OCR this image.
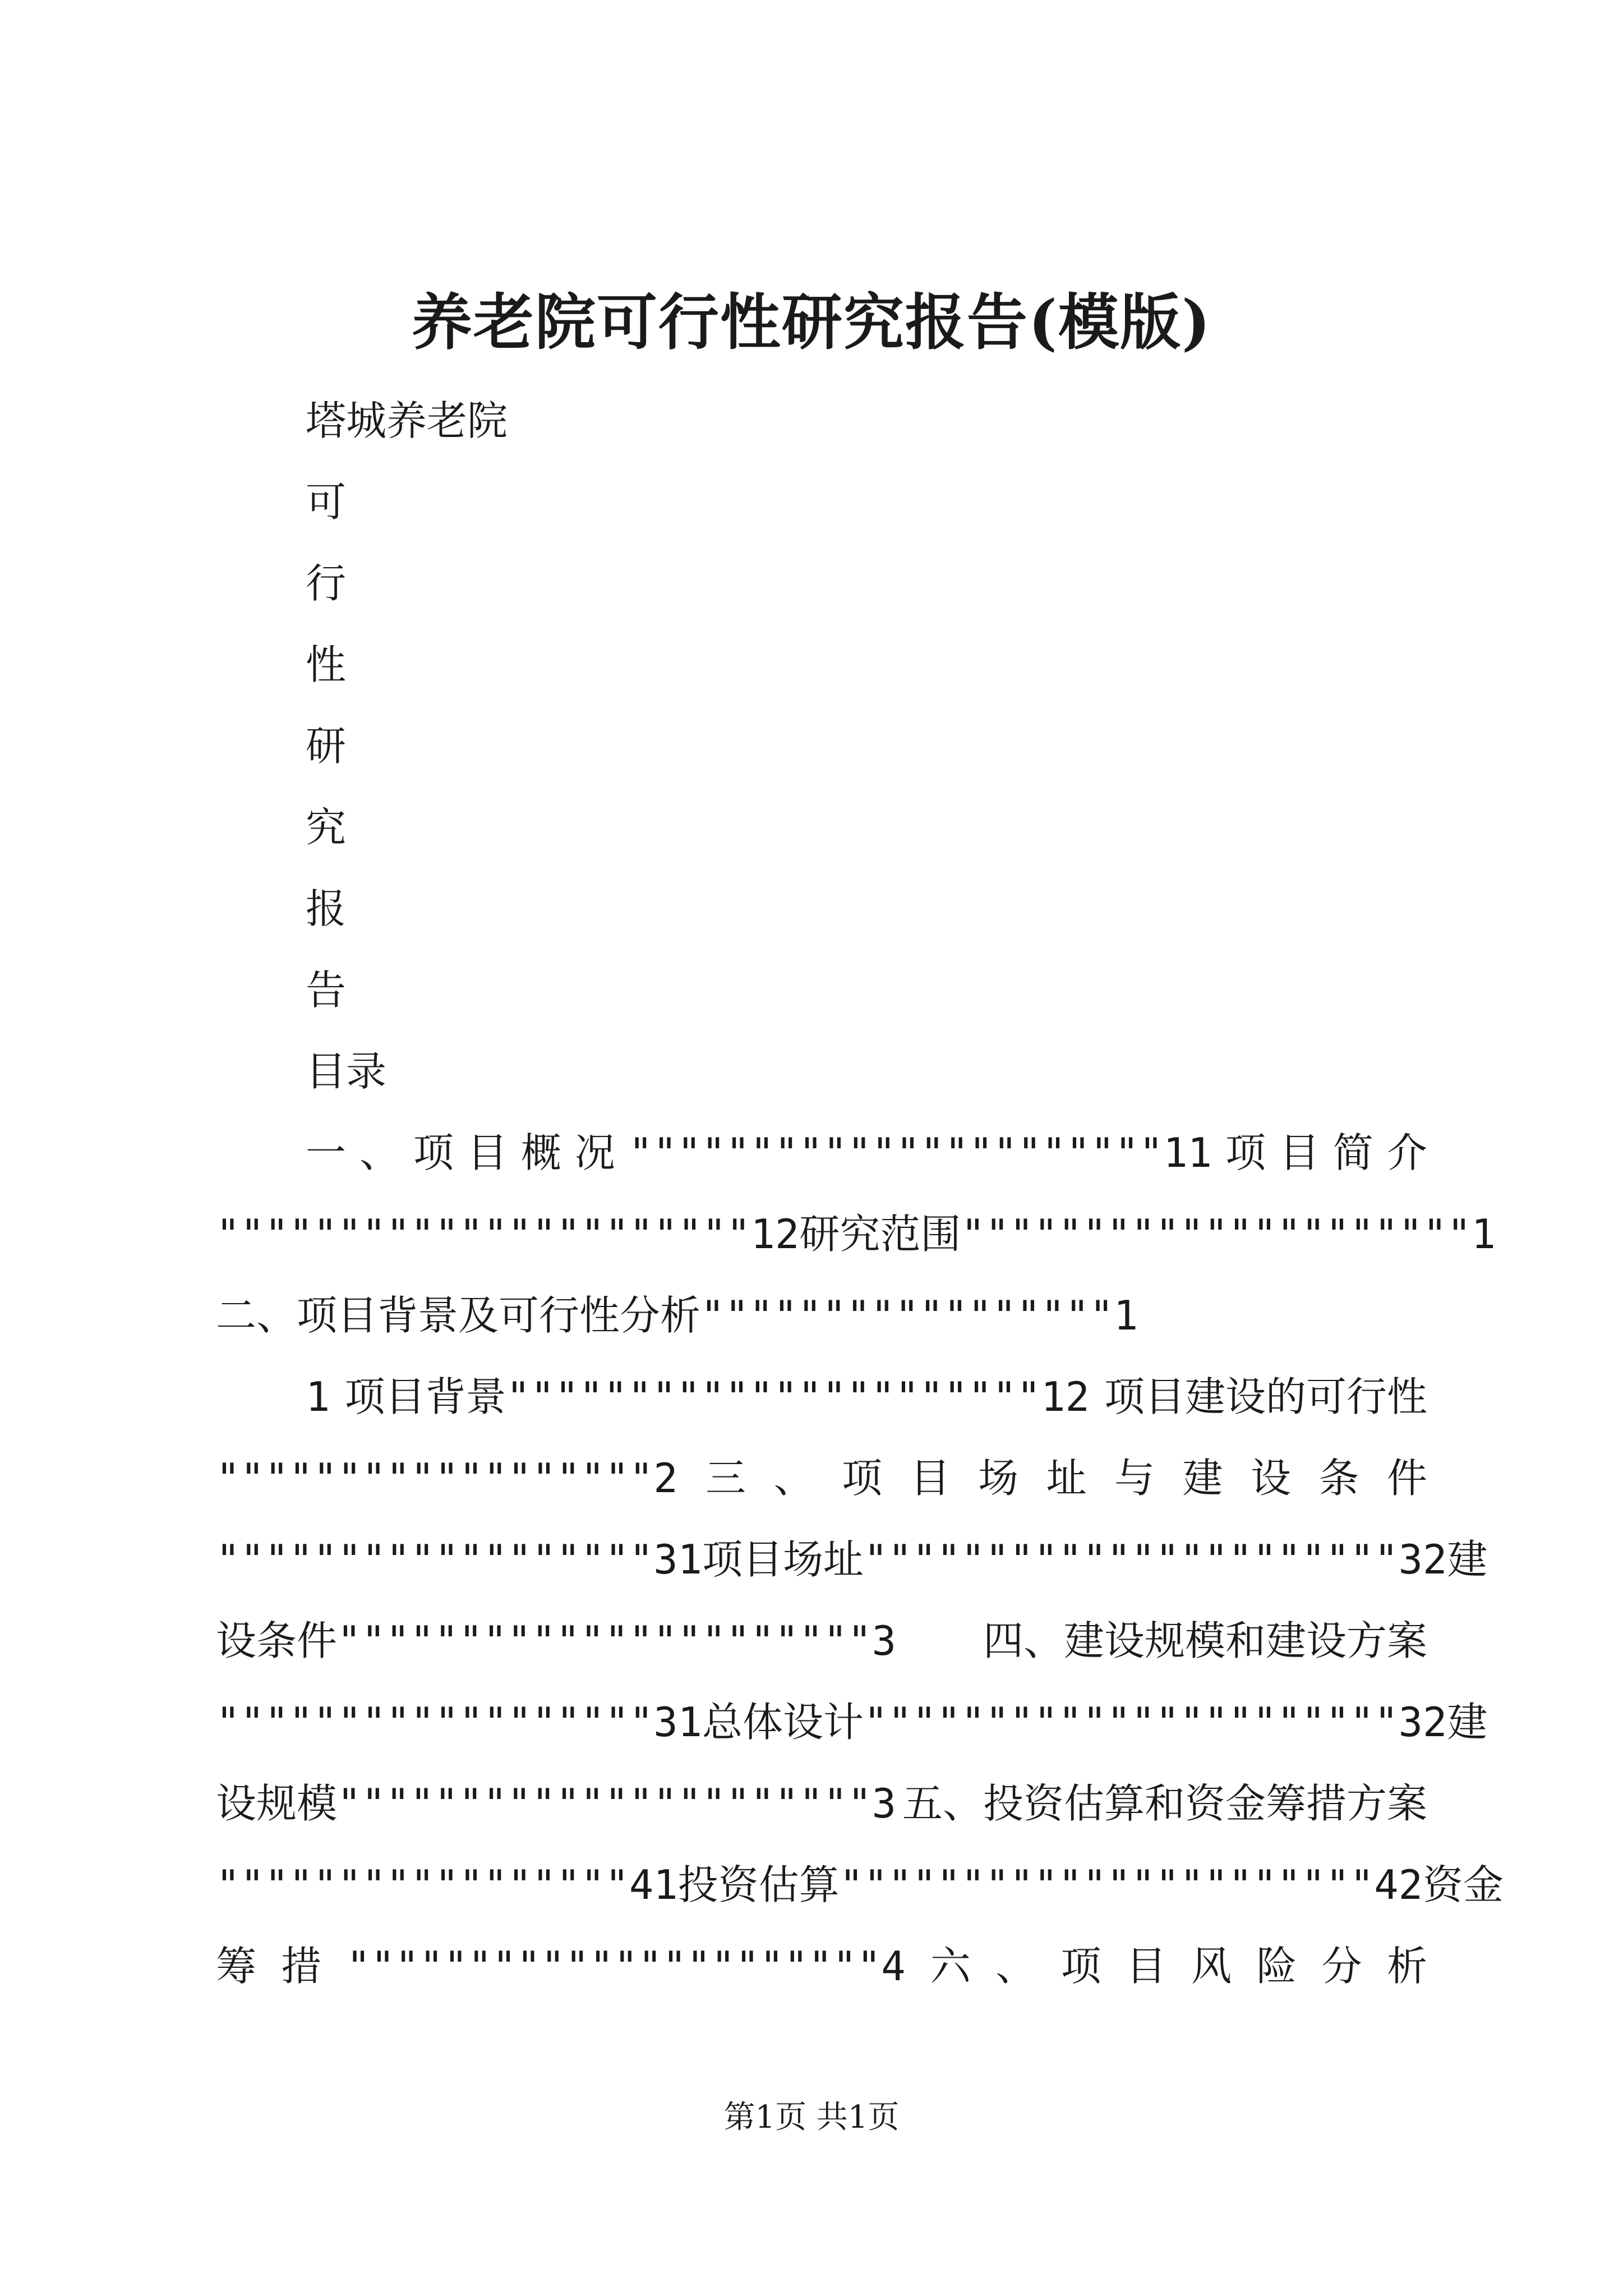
养老院可行性研究报告(模版)
塔城养老院
可
行
性
研
究
报
告
目录
一 、 项 目 概 况 """"""""""""""""""""""11 项 目 简 介
""""""""""""""""""""""12研究范围"""""""""""""""""""""1
二、项目背景及可行性分析"""""""""""""""""1
1 项目背景""""""""""""""""""""""12 项目建设的可行性
""""""""""""""""""2 三 、 项 目 场 址 与 建 设 条 件
""""""""""""""""""31 项目场址""""""""""""""""""""""32 建
设条件""""""""""""""""""""""3 四、建设规模和建设方案
""""""""""""""""""31 总体设计""""""""""""""""""""""32 建
设规模""""""""""""""""""""""3 五、投资估算和资金筹措方案
"""""""""""""""""41 投资估算""""""""""""""""""""""42 资金
筹 措 """"""""""""""""""""""4 六 、 项 目 风 险 分 析
第1页 共1页
